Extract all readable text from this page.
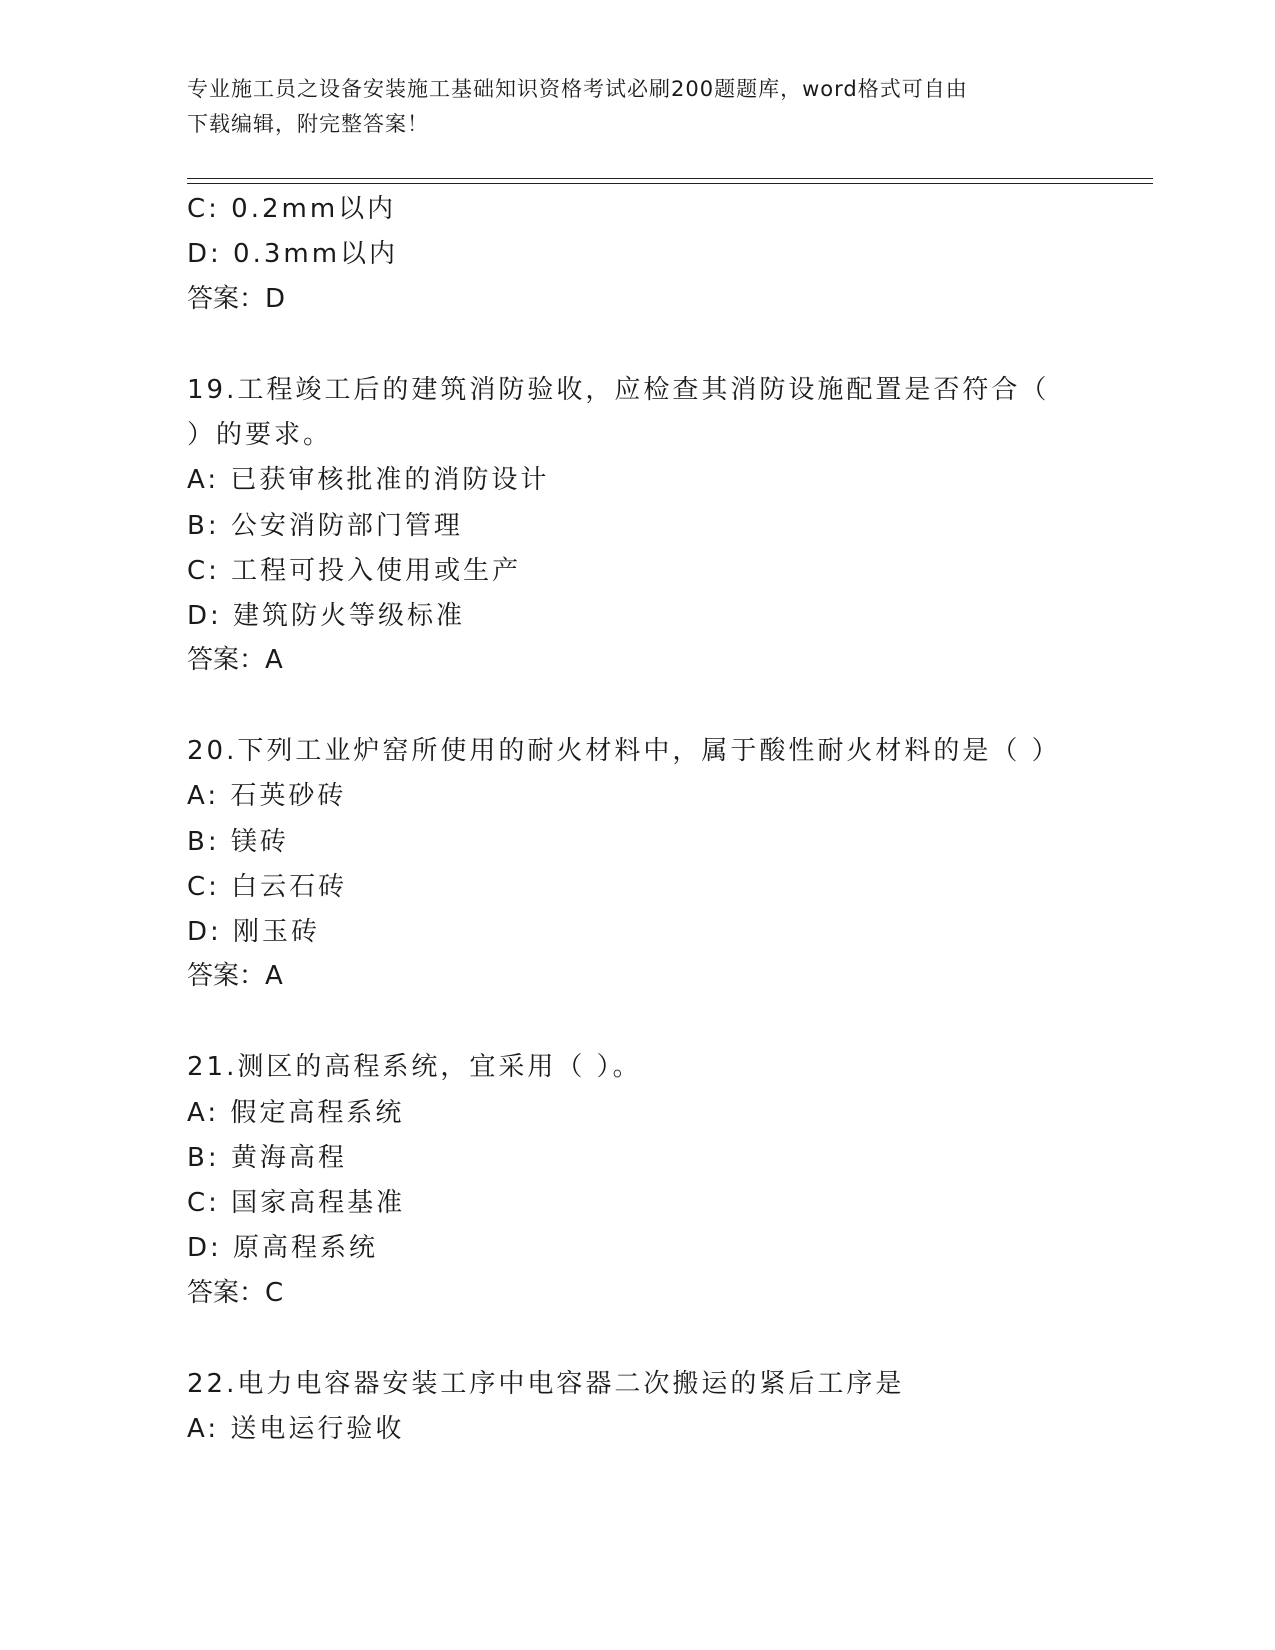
专业施工员之设备安装施工基础知识资格考试必刷200题题库，word格式可自由
下载编辑，附完整答案！
C: 0.2mm以内
D: 0.3mm以内
答案：D
19.工程竣工后的建筑消防验收，应检查其消防设施配置是否符合（
）的要求。
A: 已获审核批准的消防设计
B: 公安消防部门管理
C: 工程可投入使用或生产
D: 建筑防火等级标准
答案：A
20.下列工业炉窑所使用的耐火材料中，属于酸性耐火材料的是（ ）
A: 石英砂砖
B: 镁砖
C: 白云石砖
D: 刚玉砖
答案：A
21.测区的高程系统，宜采用（ ）。
A: 假定高程系统
B: 黄海高程
C: 国家高程基准
D: 原高程系统
答案：C
22.电力电容器安装工序中电容器二次搬运的紧后工序是
A: 送电运行验收
